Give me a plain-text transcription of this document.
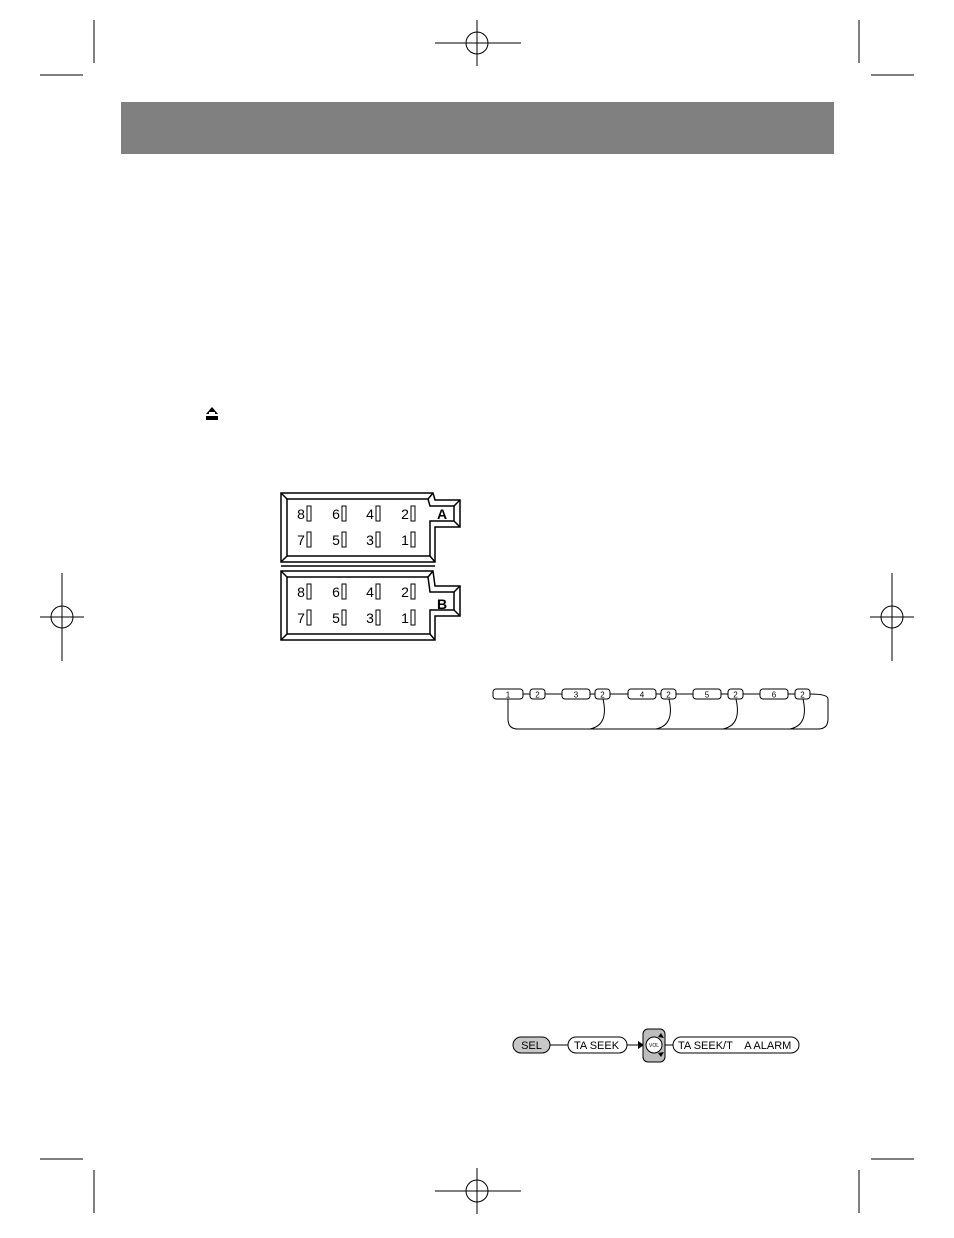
8 6 4 2
7 5 3 1
8 6 4 2
7 5 3 1
A
B
1	2	3	2	4	2	5	2	6	2
SEL	TA SEEK	VOL TA SEEK/T    A ALARM
